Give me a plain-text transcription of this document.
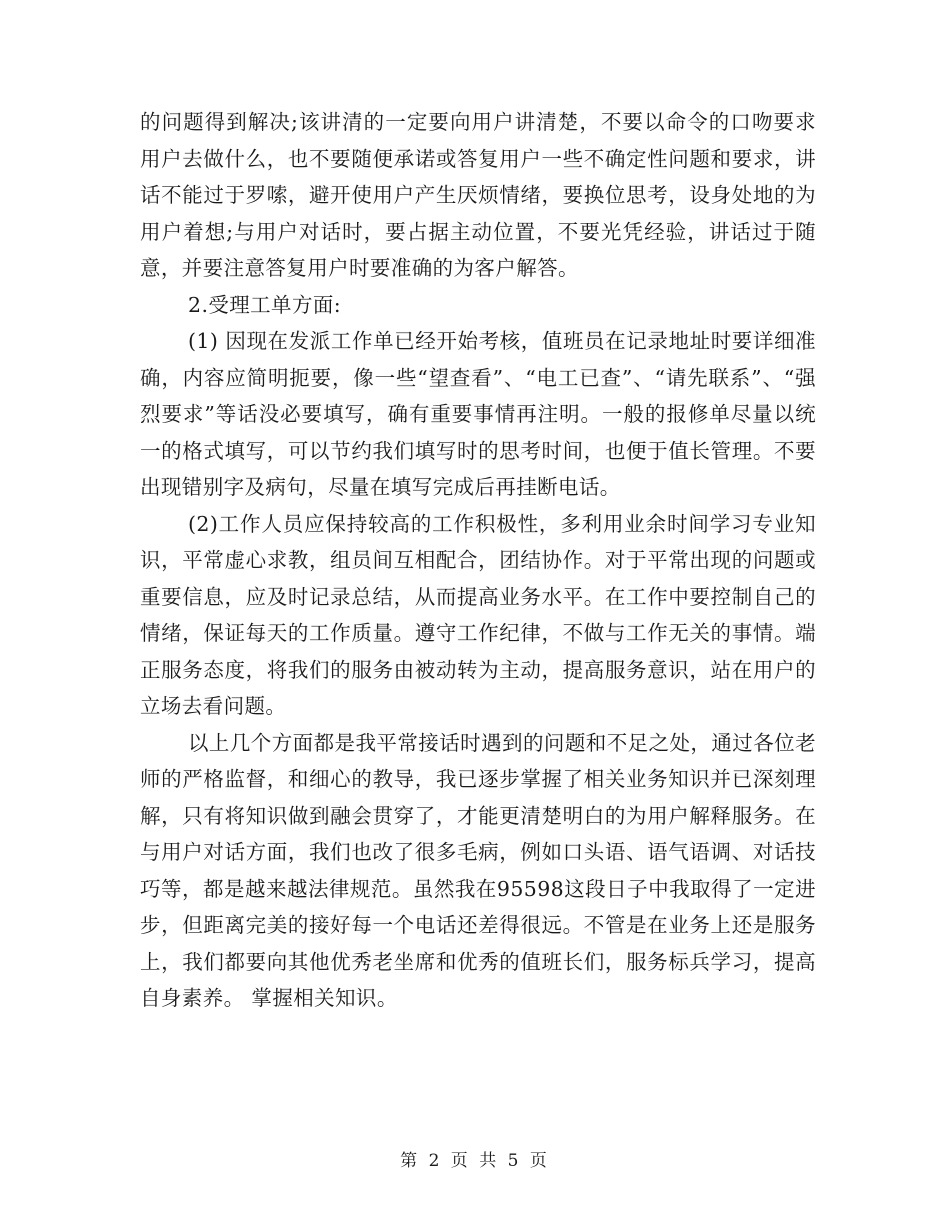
的问题得到解决;该讲清的一定要向用户讲清楚，不要以命令的口吻要求用户去做什么，也不要随便承诺或答复用户一些不确定性问题和要求，讲话不能过于罗嗦，避开使用户产生厌烦情绪，要换位思考，设身处地的为用户着想;与用户对话时，要占据主动位置，不要光凭经验，讲话过于随意，并要注意答复用户时要准确的为客户解答。

2.受理工单方面:

(1) 因现在发派工作单已经开始考核，值班员在记录地址时要详细准确，内容应简明扼要，像一些“望查看”、“电工已查”、“请先联系”、“强烈要求”等话没必要填写，确有重要事情再注明。一般的报修单尽量以统一的格式填写，可以节约我们填写时的思考时间，也便于值长管理。不要出现错别字及病句，尽量在填写完成后再挂断电话。

(2)工作人员应保持较高的工作积极性，多利用业余时间学习专业知识，平常虚心求教，组员间互相配合，团结协作。对于平常出现的问题或重要信息，应及时记录总结，从而提高业务水平。在工作中要控制自己的情绪，保证每天的工作质量。遵守工作纪律，不做与工作无关的事情。端正服务态度，将我们的服务由被动转为主动，提高服务意识，站在用户的立场去看问题。

以上几个方面都是我平常接话时遇到的问题和不足之处，通过各位老师的严格监督，和细心的教导，我已逐步掌握了相关业务知识并已深刻理解，只有将知识做到融会贯穿了，才能更清楚明白的为用户解释服务。在与用户对话方面，我们也改了很多毛病，例如口头语、语气语调、对话技巧等，都是越来越法律规范。虽然我在95598这段日子中我取得了一定进步，但距离完美的接好每一个电话还差得很远。不管是在业务上还是服务上，我们都要向其他优秀老坐席和优秀的值班长们，服务标兵学习，提高自身素养。 掌握相关知识。

第 2 页 共 5 页
